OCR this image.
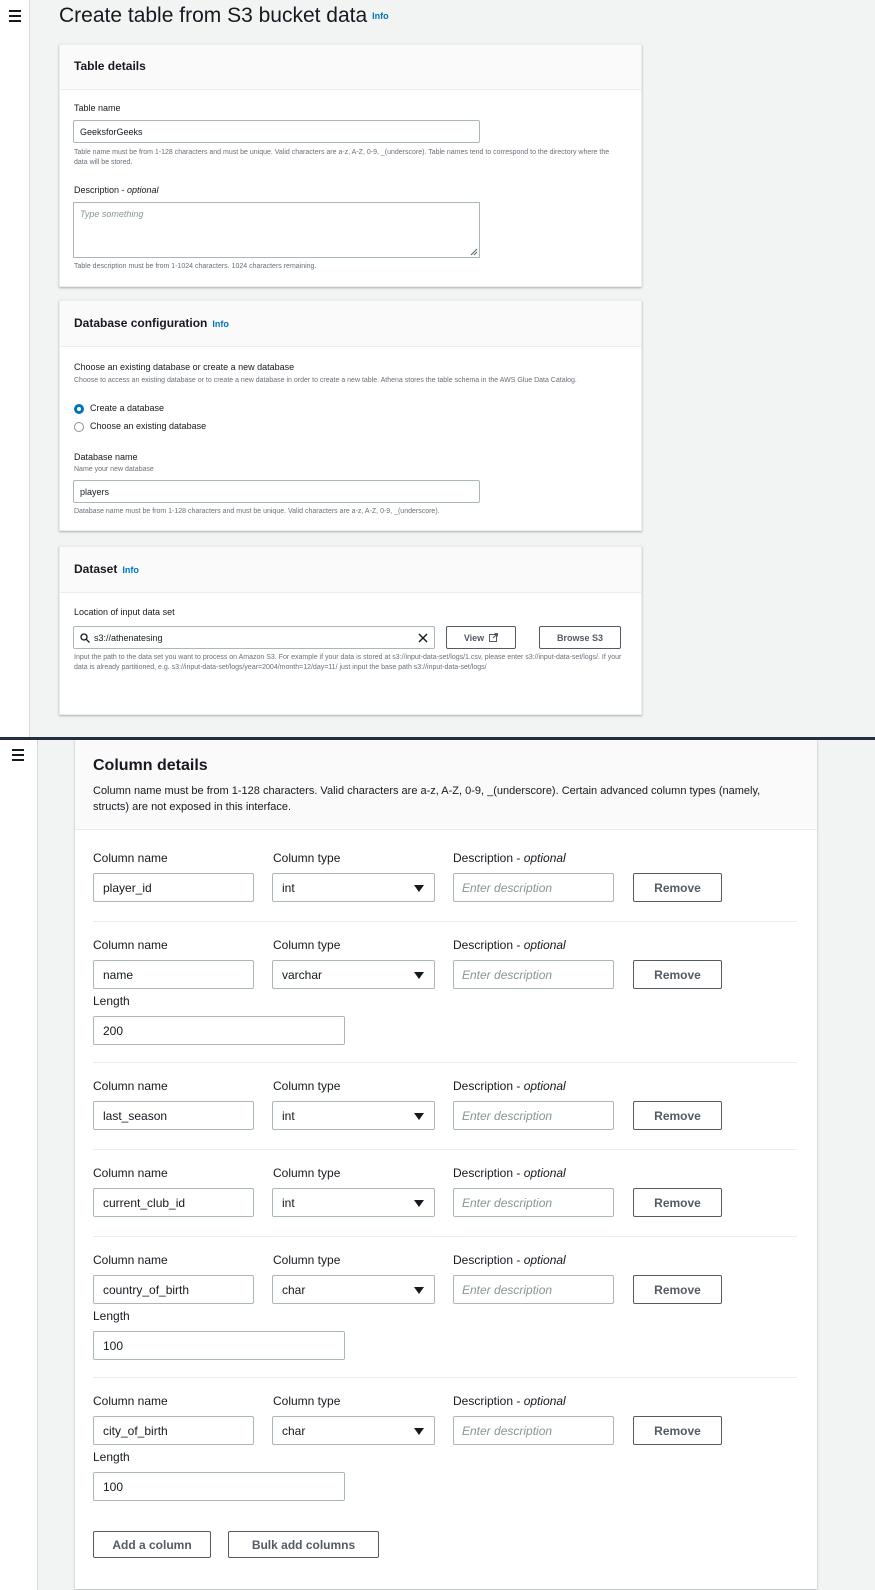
Create table from S3 bucket data Info
Table details
Table name
GeeksforGeeks
Table name must be from 1-128 characters and must be unique. Valid characters are a-z, A-Z, 0-9, _(underscore). Table names tend to correspond to the directory where the data will be stored.
Description - optional
Type something
Table description must be from 1-1024 characters. 1024 characters remaining.
Database configuration Info
Choose an existing database or create a new database
Choose to access an existing database or to create a new database in order to create a new table. Athena stores the table schema in the AWS Glue Data Catalog.
Create a database
Choose an existing database
Database name
Name your new database
players
Database name must be from 1-128 characters and must be unique. Valid characters are a-z, A-Z, 0-9, _(underscore).
Dataset Info
Location of input data set
s3://athenatesing	View	Browse S3
Input the path to the data set you want to process on Amazon S3. For example if your data is stored at s3://input-data-set/logs/1.csv, please enter s3://input-data-set/logs/. If your data is already partitioned, e.g. s3://input-data-set/logs/year=2004/month=12/day=11/ just input the base path s3://input-data-set/logs/
Column details
Column name must be from 1-128 characters. Valid characters are a-z, A-Z, 0-9, _(underscore). Certain advanced column types (namely, structs) are not exposed in this interface.
Column name	Column type	Description - optional
player_id	int	Enter description	Remove
Column name	Column type	Description - optional
name	varchar	Enter description	Remove
Length
200
Column name	Column type	Description - optional
last_season	int	Enter description	Remove
Column name	Column type	Description - optional
current_club_id	int	Enter description	Remove
Column name	Column type	Description - optional
country_of_birth	char	Enter description	Remove
Length
100
Column name	Column type	Description - optional
city_of_birth	char	Enter description	Remove
Length
100
Add a column	Bulk add columns
